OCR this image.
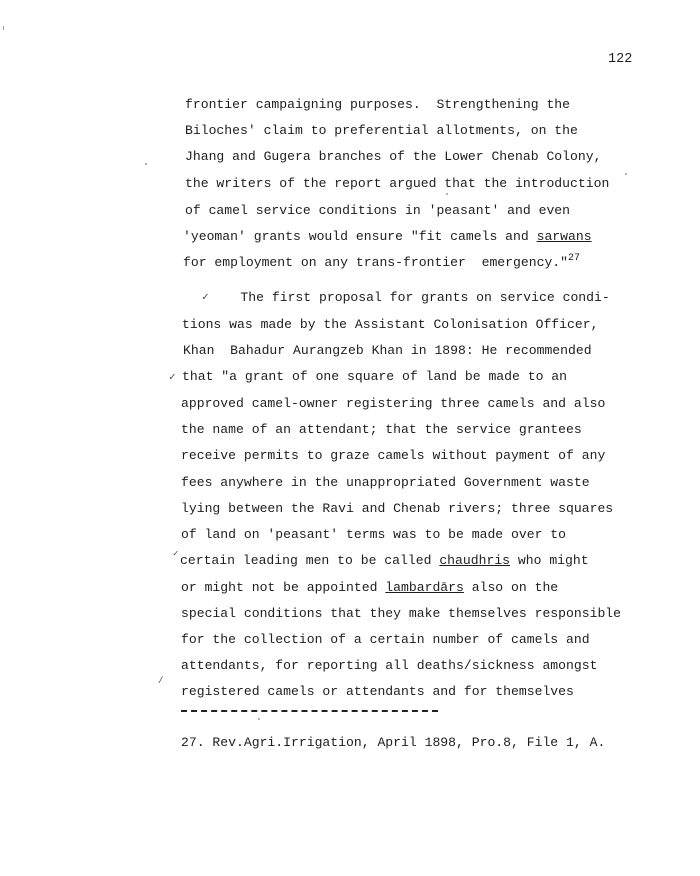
122
frontier campaigning purposes.  Strengthening the
Biloches' claim to preferential allotments, on the
Jhang and Gugera branches of the Lower Chenab Colony,
the writers of the report argued that the introduction
of camel service conditions in 'peasant' and even
'yeoman' grants would ensure "fit camels and sarwans
for employment on any trans-frontier  emergency."$^{27}$
✓ The first proposal for grants on service condi-
tions was made by the Assistant Colonisation Officer,
Khan  Bahadur Aurangzeb Khan in 1898: He recommended
✓ that "a grant of one square of land be made to an
approved camel-owner registering three camels and also
the name of an attendant; that the service grantees
receive permits to graze camels without payment of any
fees anywhere in the unappropriated Government waste
lying between the Ravi and Chenab rivers; three squares
of land on 'peasant' terms was to be made over to
✓ certain leading men to be called chaudhris who might
or might not be appointed lambardārs also on the
special conditions that they make themselves responsible
for the collection of a certain number of camels and
attendants, for reporting all deaths/sickness amongst
/
registered camels or attendants and for themselves
27. Rev.Agri.Irrigation, April 1898, Pro.8, File 1, A.
